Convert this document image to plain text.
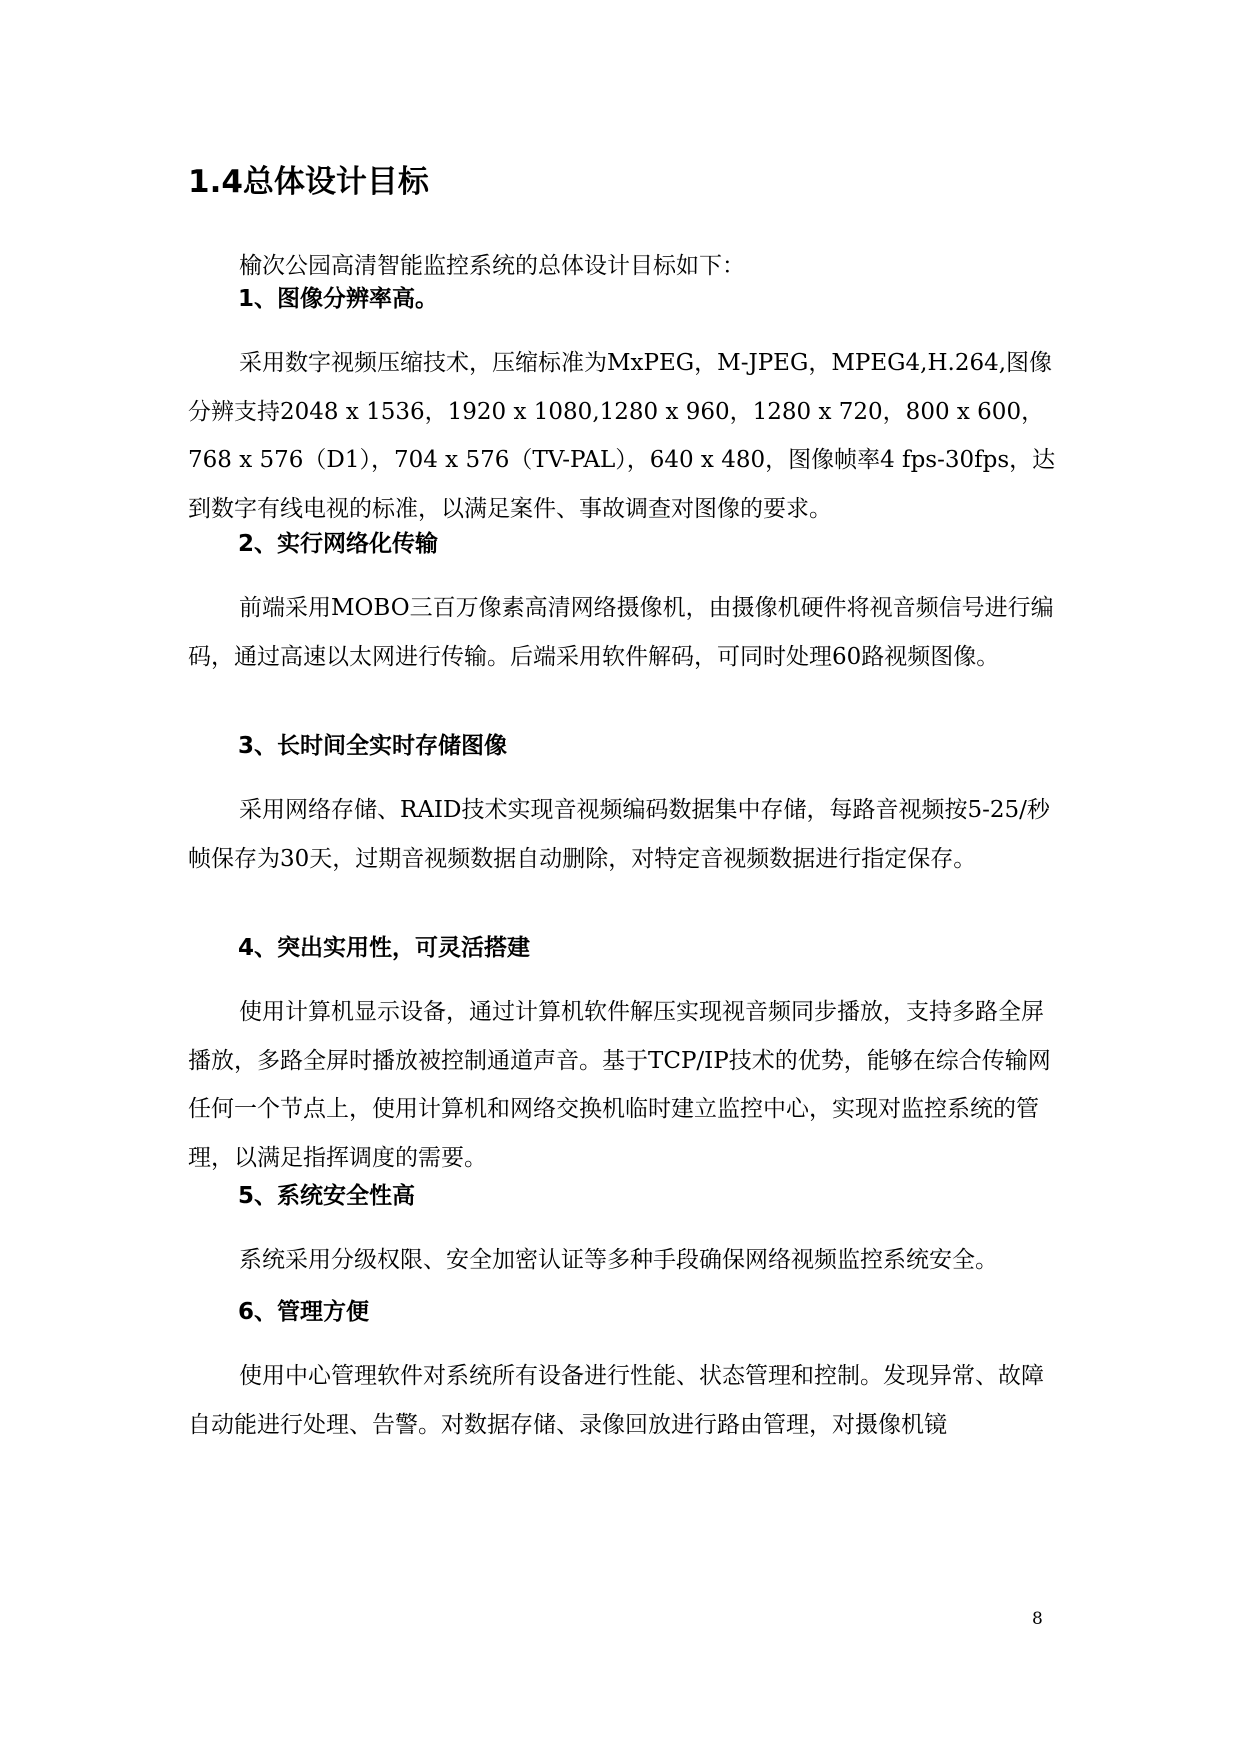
1.4总体设计目标

榆次公园高清智能监控系统的总体设计目标如下：

1、图像分辨率高。

采用数字视频压缩技术，压缩标准为MxPEG，M-JPEG，MPEG4,H.264,图像分辨支持2048 x 1536，1920 x 1080,1280 x 960，1280 x 720，800 x 600， 768 x 576（D1），704 x 576（TV-PAL），640 x 480，图像帧率4 fps-30fps，达到数字有线电视的标准，以满足案件、事故调查对图像的要求。

2、实行网络化传输

前端采用MOBO三百万像素高清网络摄像机，由摄像机硬件将视音频信号进行编码，通过高速以太网进行传输。后端采用软件解码，可同时处理60路视频图像。

3、长时间全实时存储图像

采用网络存储、RAID技术实现音视频编码数据集中存储，每路音视频按5-25/秒帧保存为30天，过期音视频数据自动删除，对特定音视频数据进行指定保存。

4、突出实用性，可灵活搭建

使用计算机显示设备，通过计算机软件解压实现视音频同步播放，支持多路全屏播放，多路全屏时播放被控制通道声音。基于TCP/IP技术的优势，能够在综合传输网任何一个节点上，使用计算机和网络交换机临时建立监控中心，实现对监控系统的管理，以满足指挥调度的需要。

5、系统安全性高

系统采用分级权限、安全加密认证等多种手段确保网络视频监控系统安全。

6、管理方便

使用中心管理软件对系统所有设备进行性能、状态管理和控制。发现异常、故障自动能进行处理、告警。对数据存储、录像回放进行路由管理，对摄像机镜

8
